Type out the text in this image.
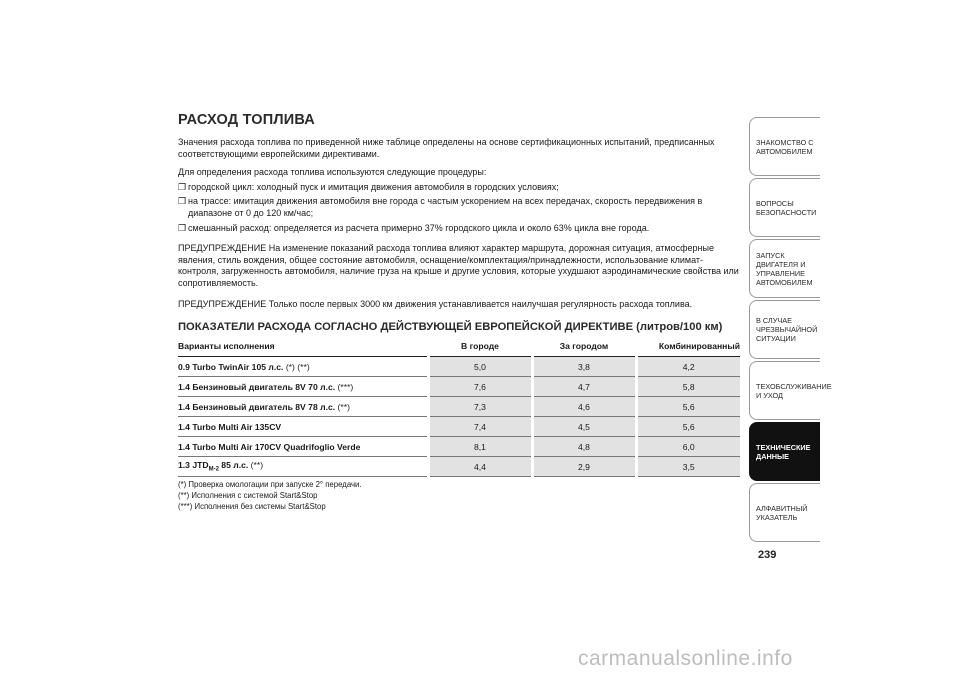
РАСХОД ТОПЛИВА

Значения расхода топлива по приведенной ниже таблице определены на основе сертификационных испытаний, предписанных соответствующими европейскими директивами.

Для определения расхода топлива используются следующие процедуры:

❒ городской цикл: холодный пуск и имитация движения автомобиля в городских условиях;
❒ на трассе: имитация движения автомобиля вне города с частым ускорением на всех передачах, скорость передвижения в диапазоне от 0 до 120 км/час;
❒ смешанный расход: определяется из расчета примерно 37% городского цикла и около 63% цикла вне города.

ПРЕДУПРЕЖДЕНИЕ На изменение показаний расхода топлива влияют характер маршрута, дорожная ситуация, атмосферные явления, стиль вождения, общее состояние автомобиля, оснащение/комплектация/принадлежности, использование климат-контроля, загруженность автомобиля, наличие груза на крыше и другие условия, которые ухудшают аэродинамические свойства или сопротивляемость.

ПРЕДУПРЕЖДЕНИЕ Только после первых 3000 км движения устанавливается наилучшая регулярность расхода топлива.

ПОКАЗАТЕЛИ РАСХОДА СОГЛАСНО ДЕЙСТВУЮЩЕЙ ЕВРОПЕЙСКОЙ ДИРЕКТИВЕ (литров/100 км)
Варианты исполнения	В городе	За городом	Комбинированный
0.9 Turbo TwinAir 105 л.с. (*) (**)	5,0	3,8	4,2
1.4 Бензиновый двигатель 8V 70 л.с. (***)	7,6	4,7	5,8
1.4 Бензиновый двигатель 8V 78 л.с. (**)	7,3	4,6	5,6
1.4 Turbo Multi Air 135CV	7,4	4,5	5,6
1.4 Turbo Multi Air 170CV Quadrifoglio Verde	8,1	4,8	6,0
1.3 $JTD_{M-2}$ 85 л.с. (**)	4,4	2,9	3,5
(*) Проверка омологации при запуске 2° передачи.
(**) Исполнения с системой Start&Stop
(***) Исполнения без системы Start&Stop
ЗНАКОМСТВО С
АВТОМОБИЛЕМ
ВОПРОСЫ
БЕЗОПАСНОСТИ
ЗАПУСК ДВИГАТЕЛЯ И
УПРАВЛЕНИЕ
АВТОМОБИЛЕМ
В СЛУЧАЕ
ЧРЕЗВЫЧАЙНОЙ
СИТУАЦИИ
ТЕХОБСЛУЖИВАНИЕ
И УХОД
ТЕХНИЧЕСКИЕ
ДАННЫЕ
АЛФАВИТНЫЙ
УКАЗАТЕЛЬ
239
carmanualsonline.info
